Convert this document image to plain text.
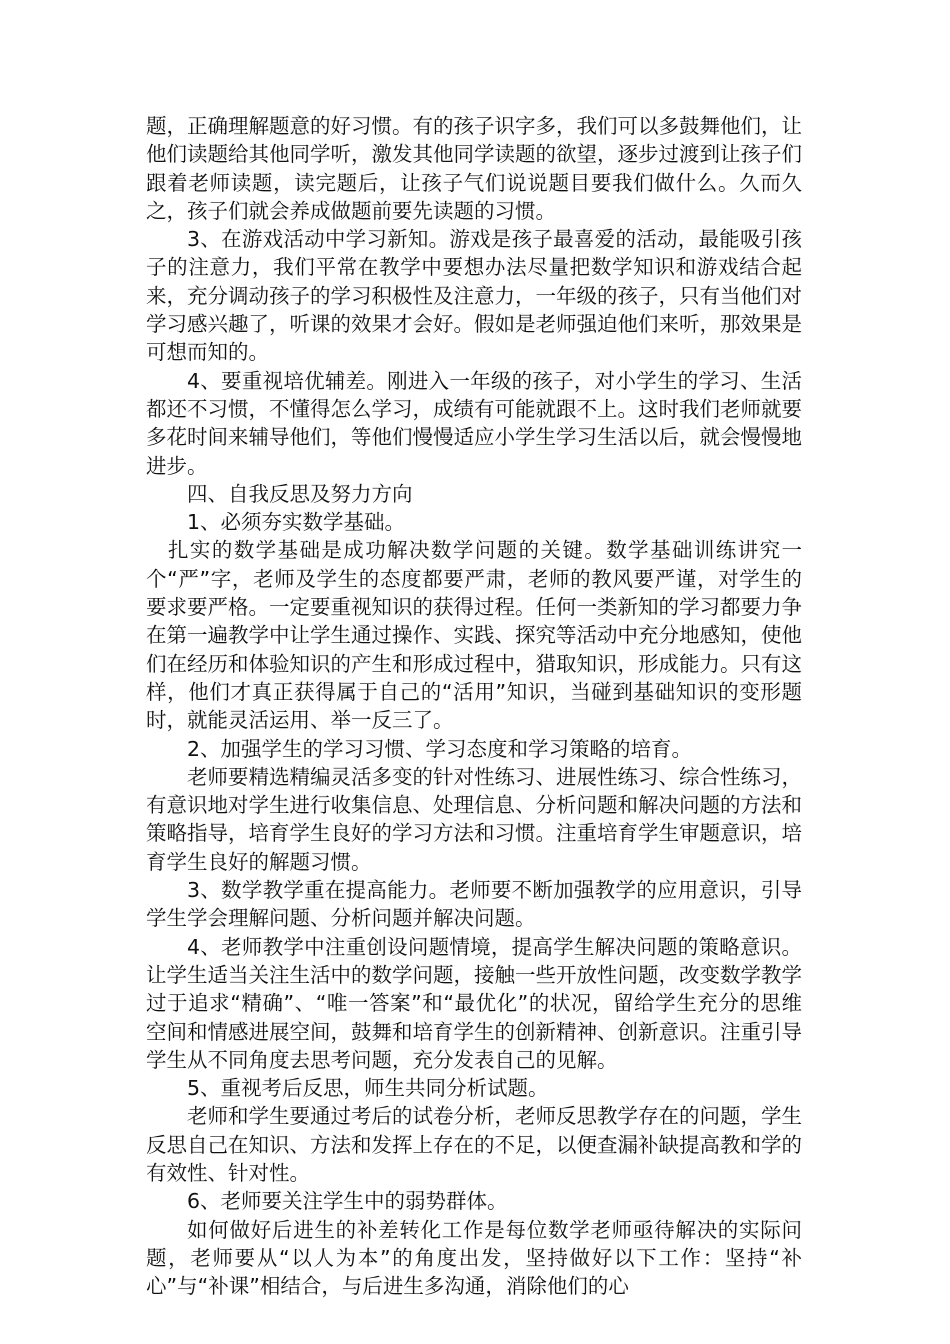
题，正确理解题意的好习惯。有的孩子识字多，我们可以多鼓舞他们，让他们读题给其他同学听，激发其他同学读题的欲望，逐步过渡到让孩子们跟着老师读题，读完题后，让孩子气们说说题目要我们做什么。久而久之，孩子们就会养成做题前要先读题的习惯。

3、在游戏活动中学习新知。游戏是孩子最喜爱的活动，最能吸引孩子的注意力，我们平常在教学中要想办法尽量把数学知识和游戏结合起来，充分调动孩子的学习积极性及注意力，一年级的孩子，只有当他们对学习感兴趣了，听课的效果才会好。假如是老师强迫他们来听，那效果是可想而知的。

4、要重视培优辅差。刚进入一年级的孩子，对小学生的学习、生活都还不习惯，不懂得怎么学习，成绩有可能就跟不上。这时我们老师就要多花时间来辅导他们，等他们慢慢适应小学生学习生活以后，就会慢慢地进步。

四、自我反思及努力方向

1、必须夯实数学基础。

扎实的数学基础是成功解决数学问题的关键。数学基础训练讲究一个“严”字，老师及学生的态度都要严肃，老师的教风要严谨，对学生的要求要严格。一定要重视知识的获得过程。任何一类新知的学习都要力争在第一遍教学中让学生通过操作、实践、探究等活动中充分地感知，使他们在经历和体验知识的产生和形成过程中，猎取知识，形成能力。只有这样，他们才真正获得属于自己的“活用”知识，当碰到基础知识的变形题时，就能灵活运用、举一反三了。

2、加强学生的学习习惯、学习态度和学习策略的培育。

老师要精选精编灵活多变的针对性练习、进展性练习、综合性练习，有意识地对学生进行收集信息、处理信息、分析问题和解决问题的方法和策略指导，培育学生良好的学习方法和习惯。注重培育学生审题意识，培育学生良好的解题习惯。

3、数学教学重在提高能力。老师要不断加强教学的应用意识，引导学生学会理解问题、分析问题并解决问题。

4、老师教学中注重创设问题情境，提高学生解决问题的策略意识。让学生适当关注生活中的数学问题，接触一些开放性问题，改变数学教学过于追求“精确”、“唯一答案”和“最优化”的状况，留给学生充分的思维空间和情感进展空间，鼓舞和培育学生的创新精神、创新意识。注重引导学生从不同角度去思考问题，充分发表自己的见解。

5、重视考后反思，师生共同分析试题。

老师和学生要通过考后的试卷分析，老师反思教学存在的问题，学生反思自己在知识、方法和发挥上存在的不足，以便查漏补缺提高教和学的有效性、针对性。

6、老师要关注学生中的弱势群体。

如何做好后进生的补差转化工作是每位数学老师亟待解决的实际问题，老师要从“以人为本”的角度出发，坚持做好以下工作：坚持“补心”与“补课”相结合，与后进生多沟通，消除他们的心
